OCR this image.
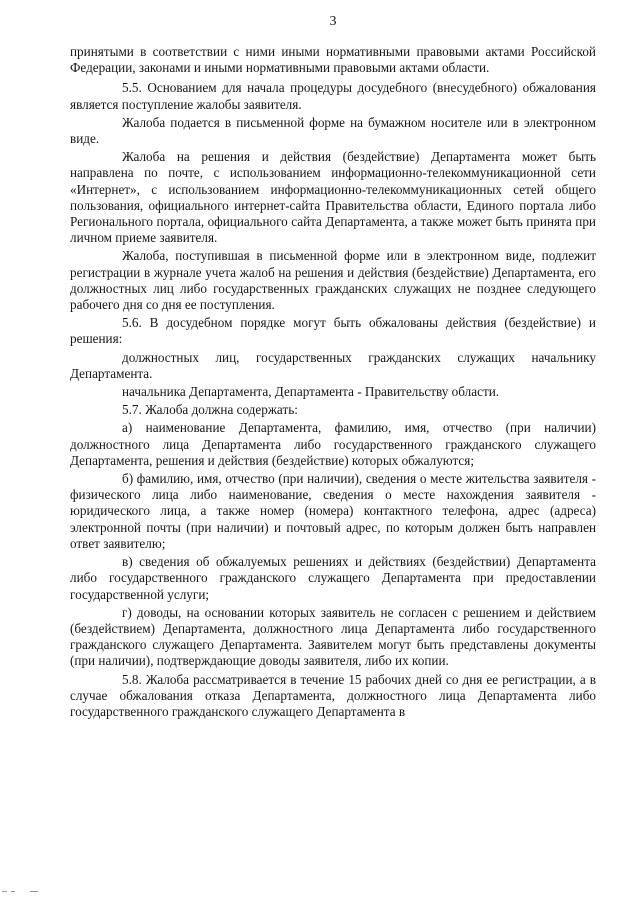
3

принятыми в соответствии с ними иными нормативными правовыми актами Российской Федерации, законами и иными нормативными правовыми актами области.

5.5. Основанием для начала процедуры досудебного (внесудебного) обжалования является поступление жалобы заявителя.

Жалоба подается в письменной форме на бумажном носителе или в электронном виде.

Жалоба на решения и действия (бездействие) Департамента может быть направлена по почте, с использованием информационно-телекоммуникационной сети «Интернет», с использованием информационно-телекоммуникационных сетей общего пользования, официального интернет-сайта Правительства области, Единого портала либо Регионального портала, официального сайта Департамента, а также может быть принята при личном приеме заявителя.

Жалоба, поступившая в письменной форме или в электронном виде, подлежит регистрации в журнале учета жалоб на решения и действия (бездействие) Департамента, его должностных лиц либо государственных гражданских служащих не позднее следующего рабочего дня со дня ее поступления.

5.6. В досудебном порядке могут быть обжалованы действия (бездействие) и решения:

должностных лиц, государственных гражданских служащих начальнику Департамента.

начальника Департамента, Департамента - Правительству области.

5.7. Жалоба должна содержать:

а) наименование Департамента, фамилию, имя, отчество (при наличии) должностного лица Департамента либо государственного гражданского служащего Департамента, решения и действия (бездействие) которых обжалуются;

б) фамилию, имя, отчество (при наличии), сведения о месте жительства заявителя - физического лица либо наименование, сведения о месте нахождения заявителя - юридического лица, а также номер (номера) контактного телефона, адрес (адреса) электронной почты (при наличии) и почтовый адрес, по которым должен быть направлен ответ заявителю;

в) сведения об обжалуемых решениях и действиях (бездействии) Департамента либо государственного гражданского служащего Департамента при предоставлении государственной услуги;

г) доводы, на основании которых заявитель не согласен с решением и действием (бездействием) Департамента, должностного лица Департамента либо государственного гражданского служащего Департамента. Заявителем могут быть представлены документы (при наличии), подтверждающие доводы заявителя, либо их копии.

5.8. Жалоба рассматривается в течение 15 рабочих дней со дня ее регистрации, а в случае обжалования отказа Департамента, должностного лица Департамента либо государственного гражданского служащего Департамента в
